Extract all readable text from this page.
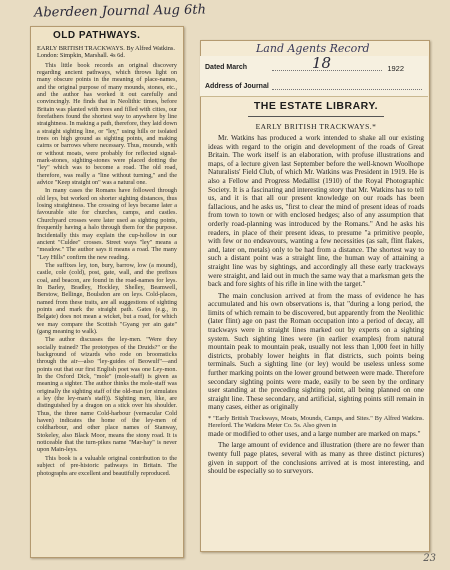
Aberdeen Journal Aug 6th
OLD PATHWAYS.
EARLY BRITISH TRACKWAYS. By Alfred Watkins. London: Simpkin, Marshall. 4s 6d.

This little book records an original discovery regarding ancient pathways, which throws light on many obscure points in the meaning of place-names, and the original purpose of many mounds, stones, etc., and the author has worked it out carefully and convincingly. He finds that in Neolithic times, before Britain was planted with trees and filled with cities, our forefathers found the shortest way to anywhere by line straightness. In making a path, therefore, they laid down a straight sighting line, or "ley," using hills or isolated trees on high ground as sighting points, and making cairns or barrows where necessary. Thus, mounds, with or without moats, were probably for reflected signal-mark-stones, sighting-stones were placed dotting the "ley" which was to become a road. The old road, therefore, was really a "line without turning," and the advice "Keep straight on" was a natural one.

In many cases the Romans have followed through old leys, but worked on shorter sighting distances, thus losing straightness. The crossing of leys became later a favourable site for churches, camps, and castles. Churchyard crosses were later used as sighting points, frequently having a halo through them for the purpose. Incidentally this may explain the cup-hollow in our ancient "Culdee" crosses. Street ways "ley" means a "meadow." The author says it means a road. The many "Ley Hills" confirm the new reading.

The suffixes ley, ton, bury, barrow, low (a mound), castle, cole (cold), post, gate, wall, and the prefixes coal, and beacon, are found in the road-names for leys. In Barley, Bradley, Hockley, Shelley, Beamwell, Berstow, Bellinge, Boulsdon are on leys. Cold-places, named from these traits, are all suggestions of sighting points and mark the straight path. Gates (e.g., in Belgate) does not mean a wicket, but a road, for which we may compare the Scottish "Gyang yer ain gate" (gang meaning to walk).

The author discusses the ley-men. "Were they socially trained? The prototypes of the Druids?" or the background of wizards who rode on broomsticks through the air—also "ley-guides of Beowulf"—and points out that our first English poet was one Ley-mon. In the Oxford Dick, "mole" (mole-staff) is given as meaning a sighter. The author thinks the mole-staff was originally the sighting staff of the old-man (or simulates a ley (the ley-man's staff)). Sighting men, like, are distinguished by a dragon on a stick over his shoulder. Thus, the three name Cold-harbour (vernacular Cold haven) indicates the home of the ley-men of coldharbour, and other place names of Stanway, Stokeley, also Black Moor, means the stony road. It is noticeable that the turn-pikes name "Mar-hay" is never upon Main-leys.

This book is a valuable original contribution to the subject of pre-historic pathways in Britain. The photographs are excellent and beautifully reproduced.

Land Agents Record
Dated March	18	1922
Address of Journal
THE ESTATE LIBRARY.
EARLY BRITISH TRACKWAYS.*

Mr. Watkins has produced a work intended to shake all our existing ideas with regard to the origin and development of the roads of Great Britain. The work itself is an elaboration, with profuse illustrations and maps, of a lecture given last September before the well-known Woolhope Naturalists' Field Club, of which Mr. Watkins was President in 1919. He is also a Fellow and Progress Medallist (1910) of the Royal Photographic Society. It is a fascinating and interesting story that Mr. Watkins has to tell us, and it is that all our present knowledge on our roads has been fallacious, and he asks us, "first to clear the mind of present ideas of roads from town to town or with enclosed hedges; also of any assumption that orderly road-planning was introduced by the Romans." And he asks his readers, in place of their present ideas, to presume "a primitive people, with few or no endeavours, wanting a few necessities (as salt, flint flakes, and, later on, metals) only to be had from a distance. The shortest way to such a distant point was a straight line, the human way of attaining a straight line was by sightings, and accordingly all these early trackways were straight, and laid out in much the same way that a marksman gets the back and fore sights of his rifle in line with the target."

The main conclusion arrived at from the mass of evidence he has accumulated and his own observations is, that "during a long period, the limits of which remain to be discovered, but apparently from the Neolithic (later flint) age on past the Roman occupation into a period of decay, all trackways were in straight lines marked out by experts on a sighting system. Such sighting lines were (in earlier examples) from natural mountain peak to mountain peak, usually not less than 1,000 feet in hilly districts, probably lower heights in flat districts, such points being terminals. Such a sighting line (or ley) would be useless unless some further marking points on the lower ground between were made. Therefore secondary sighting points were made, easily to be seen by the ordinary user standing at the preceding sighting point, all being planned on one straight line. These secondary, and artificial, sighting points still remain in many cases, either as originally

* "Early British Trackways, Moats, Mounds, Camps, and Sites." By Alfred Watkins. Hereford. The Watkins Meter Co. 5s. Also given in

made or modified to other uses, and a large number are marked on maps."

The large amount of evidence and illustration (there are no fewer than twenty full page plates, several with as many as three distinct pictures) given in support of the conclusions arrived at is most interesting, and should be especially so to surveyors.

23
